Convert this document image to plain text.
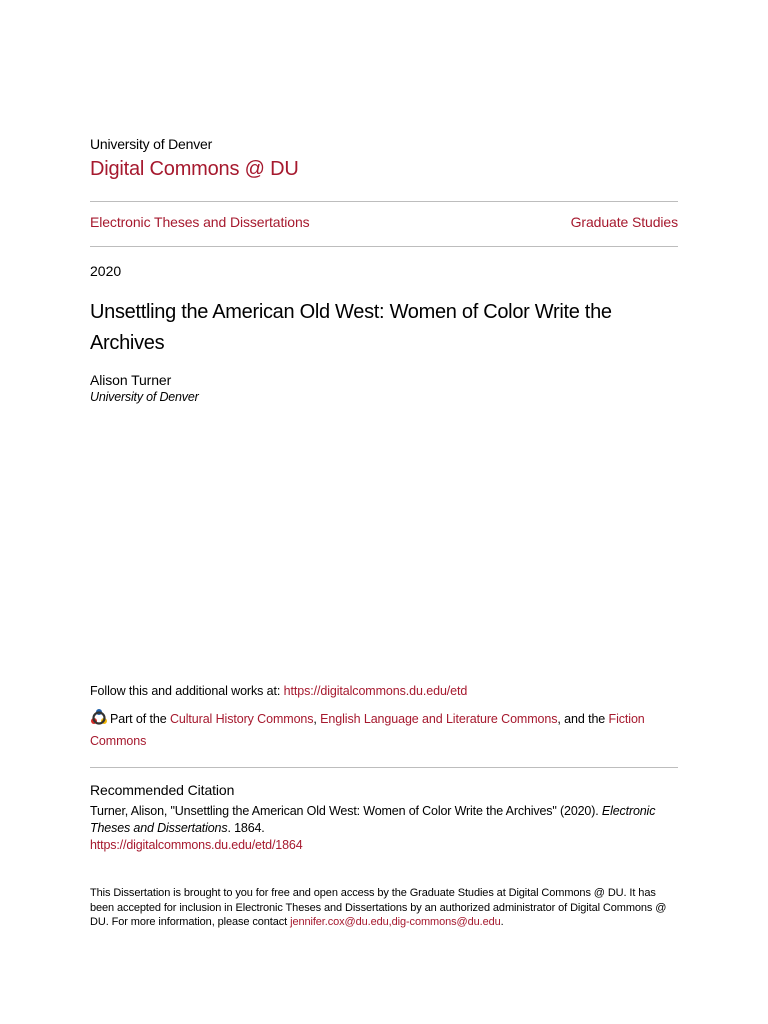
University of Denver
Digital Commons @ DU
Electronic Theses and Dissertations	Graduate Studies
2020
Unsettling the American Old West: Women of Color Write the Archives
Alison Turner
University of Denver
Follow this and additional works at: https://digitalcommons.du.edu/etd
Part of the Cultural History Commons, English Language and Literature Commons, and the Fiction Commons
Recommended Citation
Turner, Alison, "Unsettling the American Old West: Women of Color Write the Archives" (2020). Electronic Theses and Dissertations. 1864.
https://digitalcommons.du.edu/etd/1864
This Dissertation is brought to you for free and open access by the Graduate Studies at Digital Commons @ DU. It has been accepted for inclusion in Electronic Theses and Dissertations by an authorized administrator of Digital Commons @ DU. For more information, please contact jennifer.cox@du.edu,dig-commons@du.edu.
